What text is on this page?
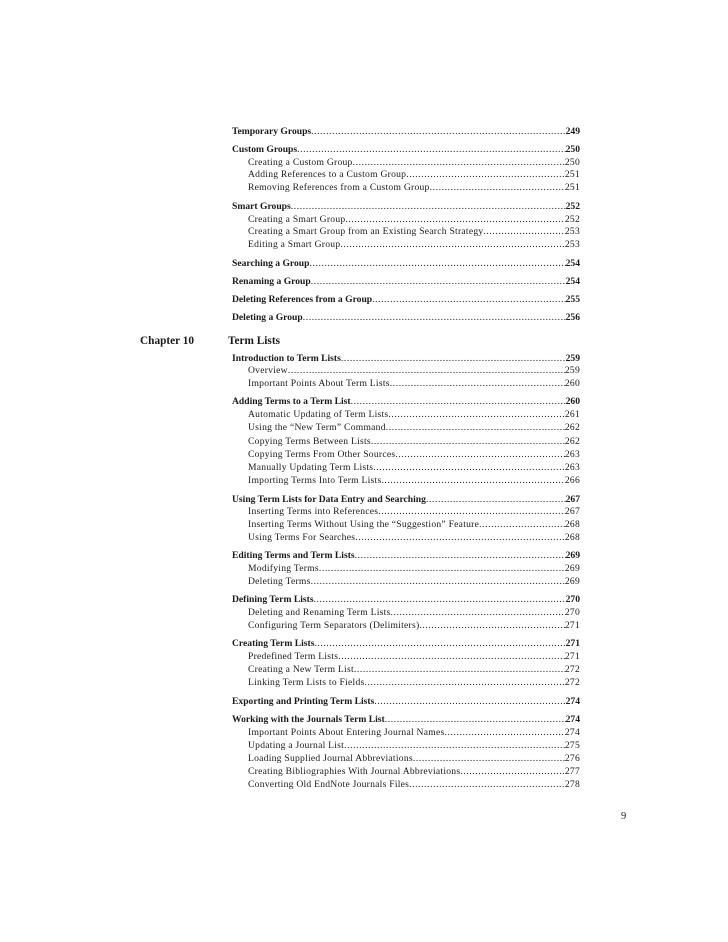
Temporary Groups .....	249
Custom Groups .....	250
Creating a Custom Group .....	250
Adding References to a Custom Group .....	251
Removing References from a Custom Group .....	251
Smart Groups .....	252
Creating a Smart Group .....	252
Creating a Smart Group from an Existing Search Strategy .....	253
Editing a Smart Group .....	253
Searching a Group .....	254
Renaming a Group .....	254
Deleting References from a Group .....	255
Deleting a Group .....	256
Chapter 10	Term Lists
Introduction to Term Lists .....	259
Overview .....	259
Important Points About Term Lists .....	260
Adding Terms to a Term List .....	260
Automatic Updating of Term Lists .....	261
Using the “New Term” Command .....	262
Copying Terms Between Lists .....	262
Copying Terms From Other Sources .....	263
Manually Updating Term Lists .....	263
Importing Terms Into Term Lists .....	266
Using Term Lists for Data Entry and Searching .....	267
Inserting Terms into References .....	267
Inserting Terms Without Using the “Suggestion” Feature .....	268
Using Terms For Searches .....	268
Editing Terms and Term Lists .....	269
Modifying Terms .....	269
Deleting Terms .....	269
Defining Term Lists .....	270
Deleting and Renaming Term Lists .....	270
Configuring Term Separators (Delimiters) .....	271
Creating Term Lists .....	271
Predefined Term Lists .....	271
Creating a New Term List .....	272
Linking Term Lists to Fields .....	272
Exporting and Printing Term Lists .....	274
Working with the Journals Term List .....	274
Important Points About Entering Journal Names .....	274
Updating a Journal List .....	275
Loading Supplied Journal Abbreviations .....	276
Creating Bibliographies With Journal Abbreviations .....	277
Converting Old EndNote Journals Files .....	278
9
